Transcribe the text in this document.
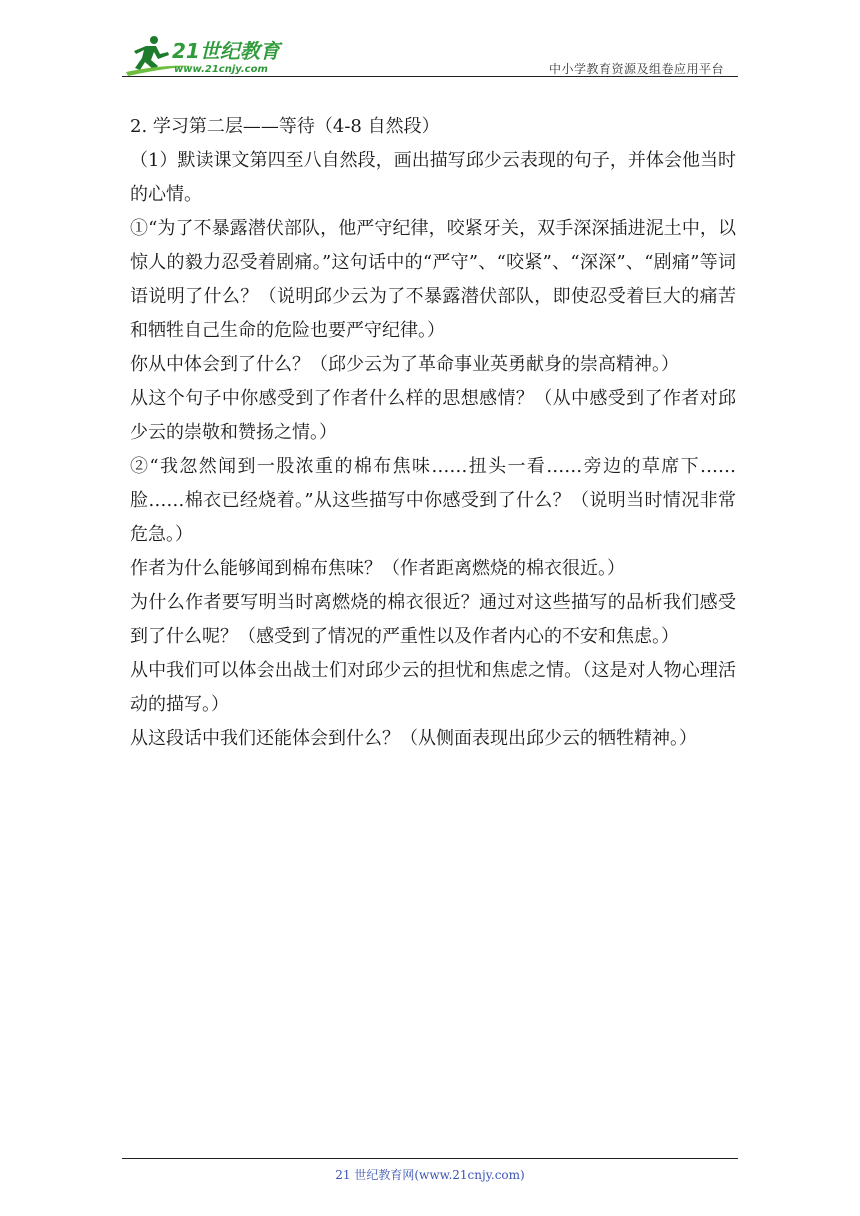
21世纪教育
www.21cnjy.com	中小学教育资源及组卷应用平台

2. 学习第二层——等待（4-8 自然段）

（1）默读课文第四至八自然段，画出描写邱少云表现的句子，并体会他当时的心情。

①“为了不暴露潜伏部队，他严守纪律，咬紧牙关，双手深深插进泥土中，以惊人的毅力忍受着剧痛。”这句话中的“严守”、“咬紧”、“深深”、“剧痛”等词语说明了什么？（说明邱少云为了不暴露潜伏部队，即使忍受着巨大的痛苦和牺牲自己生命的危险也要严守纪律。）

你从中体会到了什么？（邱少云为了革命事业英勇献身的崇高精神。）

从这个句子中你感受到了作者什么样的思想感情？（从中感受到了作者对邱少云的崇敬和赞扬之情。）

②“我忽然闻到一股浓重的棉布焦味……扭头一看……旁边的草席下……脸……棉衣已经烧着。”从这些描写中你感受到了什么？（说明当时情况非常危急。）

作者为什么能够闻到棉布焦味？（作者距离燃烧的棉衣很近。）

为什么作者要写明当时离燃烧的棉衣很近？通过对这些描写的品析我们感受到了什么呢？（感受到了情况的严重性以及作者内心的不安和焦虑。）

从中我们可以体会出战士们对邱少云的担忧和焦虑之情。（这是对人物心理活动的描写。）

从这段话中我们还能体会到什么？（从侧面表现出邱少云的牺牲精神。）

21 世纪教育网(www.21cnjy.com)
